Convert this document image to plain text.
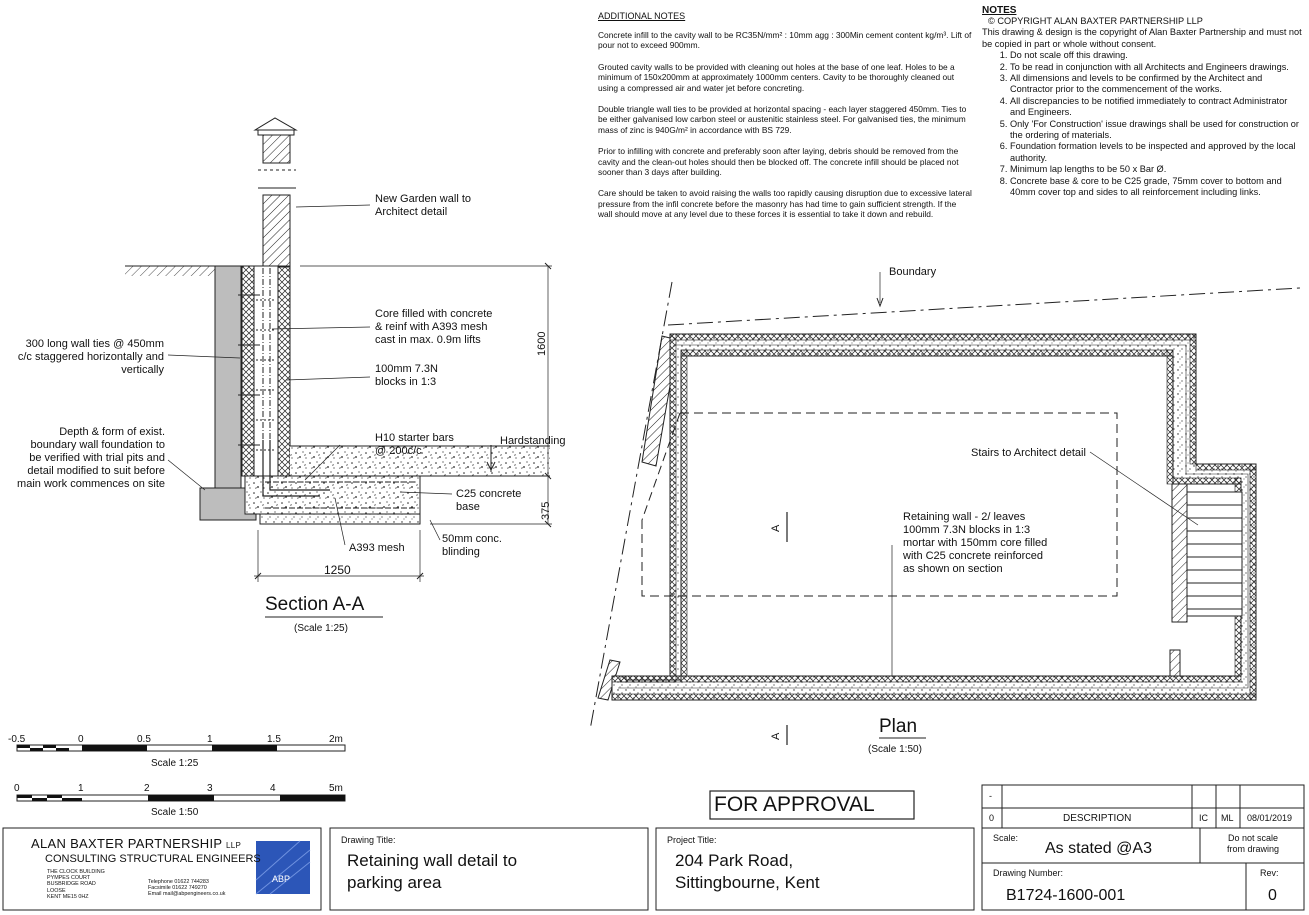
ADDITIONAL NOTES

Concrete infill to the cavity wall to be RC35N/mm² : 10mm agg : 300Min cement content kg/m³. Lift of pour not to exceed 900mm.

Grouted cavity walls to be provided with cleaning out holes at the base of one leaf. Holes to be a minimum of 150x200mm at approximately 1000mm centers. Cavity to be thoroughly cleaned out using a compressed air and water jet before concreting.

Double triangle wall ties to be provided at horizontal spacing - each layer staggered 450mm. Ties to be either galvanised low carbon steel or austenitic stainless steel. For galvanised ties, the minimum mass of zinc is 940G/m² in accordance with BS 729.

Prior to infilling with concrete and preferably soon after laying, debris should be removed from the cavity and the clean-out holes should then be blocked off. The concrete infill should be placed not sooner than 3 days after building.

Care should be taken to avoid raising the walls too rapidly causing disruption due to excessive lateral pressure from the infil concrete before the masonry has had time to gain sufficient strength. If the wall should move at any level due to these forces it is essential to take it down and rebuild.

NOTES
© COPYRIGHT ALAN BAXTER PARTNERSHIP LLP
This drawing & design is the copyright of Alan Baxter Partnership and must not be copied in part or whole without consent.
1. Do not scale off this drawing.
2. To be read in conjunction with all Architects and Engineers drawings.
3. All dimensions and levels to be confirmed by the Architect and Contractor prior to the commencement of the works.
4. All discrepancies to be notified immediately to contract Administrator and Engineers.
5. Only 'For Construction' issue drawings shall be used for construction or the ordering of materials.
6. Foundation formation levels to be inspected and approved by the local authority.
7. Minimum lap lengths to be 50 x Bar Ø.
8. Concrete base & core to be C25 grade, 75mm cover to bottom and 40mm cover top and sides to all reinforcement including links.
New Garden wall to
Architect detail
Core filled with concrete
& reinf with A393 mesh
cast in max. 0.9m lifts
100mm 7.3N
blocks in 1:3
H10 starter bars
@ 200c/c
Hardstanding
C25 concrete
base
A393 mesh
50mm conc.
blinding
300 long wall ties @ 450mm
c/c staggered horizontally and
vertically
Depth & form of exist.
boundary wall foundation to
be verified with trial pits and
detail modified to suit before
main work commences on site
1600
375
1250
Section A-A
(Scale 1:25)
Boundary
Stairs to Architect detail
Retaining wall - 2/ leaves
100mm 7.3N blocks in 1:3
mortar with 150mm core filled
with C25 concrete reinforced
as shown on section
A
A	Plan
(Scale 1:50)
-0.5	0	0.5	1	1.5	2m
Scale 1:25
0	1	2	3	4	5m
Scale 1:50	FOR APPROVAL	-
0	DESCRIPTION	IC ML 08/01/2019
ALAN BAXTER PARTNERSHIP LLP
CONSULTING STRUCTURAL ENGINEERS
THE CLOCK BUILDING
PYMPES COURT
BUSBRIDGE ROAD
LOOSE
KENT ME15 0HZ
Telephone 01622 744283
Facsimile 01622 749270
Email mail@abpengineers.co.uk
ABP
Drawing Title:
Retaining wall detail to
parking area
Project Title:
204 Park Road,
Sittingbourne, Kent
Scale:
As stated @A3
Do not scale
from drawing
Drawing Number:
B1724-1600-001
Rev:
0
